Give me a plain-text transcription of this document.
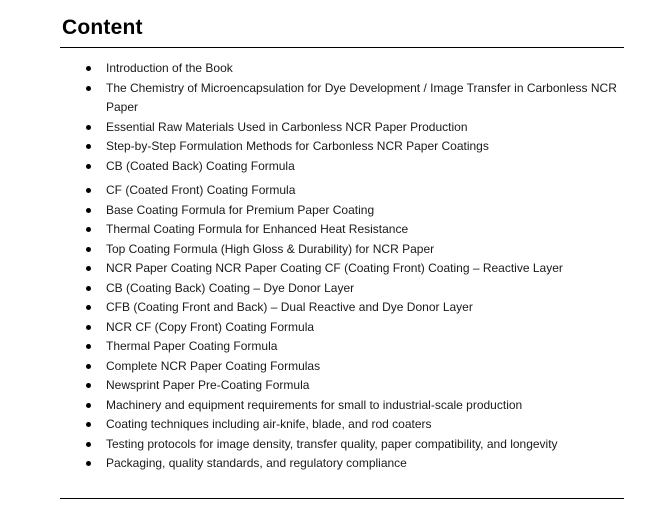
Content
Introduction of the Book
The Chemistry of Microencapsulation for Dye Development / Image Transfer in Carbonless NCR Paper
Essential Raw Materials Used in Carbonless NCR Paper Production
Step-by-Step Formulation Methods for Carbonless NCR Paper Coatings
CB (Coated Back) Coating Formula
CF (Coated Front) Coating Formula
Base Coating Formula for Premium Paper Coating
Thermal Coating Formula for Enhanced Heat Resistance
Top Coating Formula (High Gloss & Durability) for NCR Paper
NCR Paper Coating NCR Paper Coating CF (Coating Front) Coating – Reactive Layer
CB (Coating Back) Coating – Dye Donor Layer
CFB (Coating Front and Back) – Dual Reactive and Dye Donor Layer
NCR CF (Copy Front) Coating Formula
Thermal Paper Coating Formula
Complete NCR Paper Coating Formulas
Newsprint Paper Pre-Coating Formula
Machinery and equipment requirements for small to industrial-scale production
Coating techniques including air-knife, blade, and rod coaters
Testing protocols for image density, transfer quality, paper compatibility, and longevity
Packaging, quality standards, and regulatory compliance
